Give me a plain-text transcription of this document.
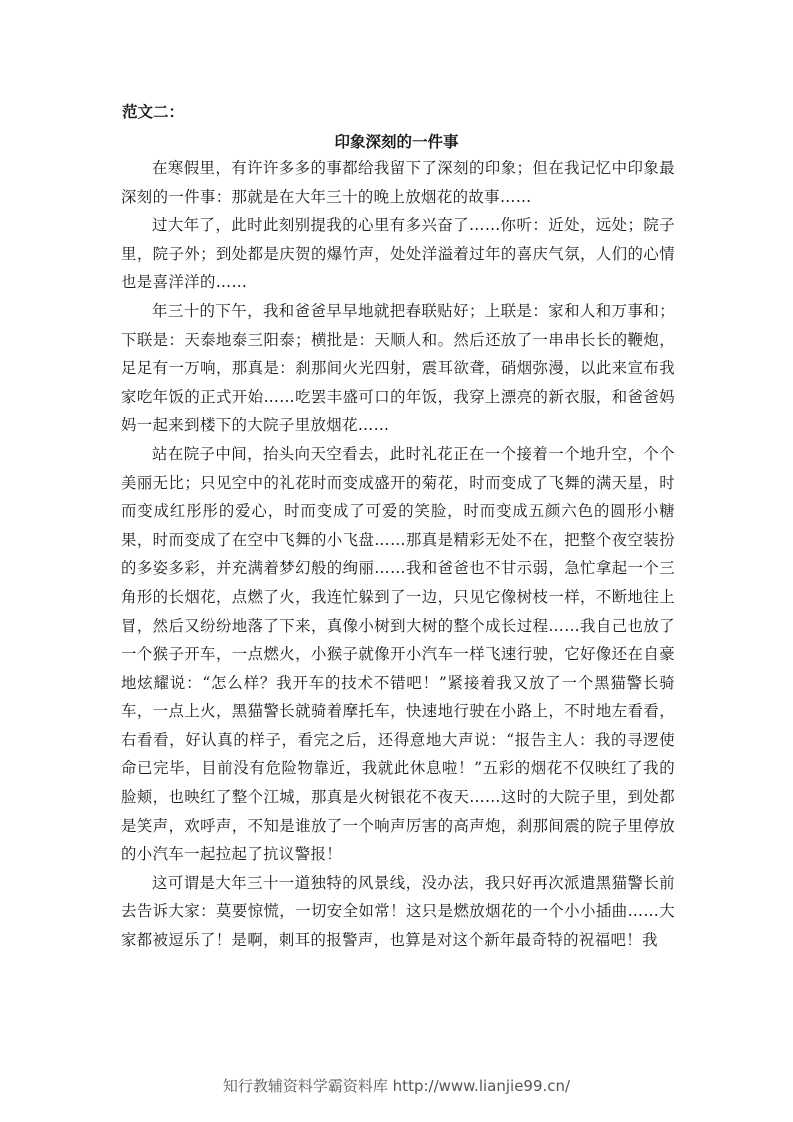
范文二：

印象深刻的一件事

在寒假里，有许许多多的事都给我留下了深刻的印象；但在我记忆中印象最深刻的一件事：那就是在大年三十的晚上放烟花的故事……

过大年了，此时此刻别提我的心里有多兴奋了……你听：近处，远处；院子里，院子外；到处都是庆贺的爆竹声，处处洋溢着过年的喜庆气氛，人们的心情也是喜洋洋的……

年三十的下午，我和爸爸早早地就把春联贴好；上联是：家和人和万事和；下联是：天泰地泰三阳泰；横批是：天顺人和。然后还放了一串串长长的鞭炮，足足有一万响，那真是：刹那间火光四射，震耳欲聋，硝烟弥漫，以此来宣布我家吃年饭的正式开始……吃罢丰盛可口的年饭，我穿上漂亮的新衣服，和爸爸妈妈一起来到楼下的大院子里放烟花……

站在院子中间，抬头向天空看去，此时礼花正在一个接着一个地升空，个个美丽无比；只见空中的礼花时而变成盛开的菊花，时而变成了飞舞的满天星，时而变成红彤彤的爱心，时而变成了可爱的笑脸，时而变成五颜六色的圆形小糖果，时而变成了在空中飞舞的小飞盘……那真是精彩无处不在，把整个夜空装扮的多姿多彩，并充满着梦幻般的绚丽……我和爸爸也不甘示弱，急忙拿起一个三角形的长烟花，点燃了火，我连忙躲到了一边，只见它像树枝一样，不断地往上冒，然后又纷纷地落了下来，真像小树到大树的整个成长过程……我自己也放了一个猴子开车，一点燃火，小猴子就像开小汽车一样飞速行驶，它好像还在自豪地炫耀说：“怎么样？我开车的技术不错吧！”紧接着我又放了一个黑猫警长骑车，一点上火，黑猫警长就骑着摩托车，快速地行驶在小路上，不时地左看看，右看看，好认真的样子，看完之后，还得意地大声说：“报告主人：我的寻逻使命已完毕，目前没有危险物靠近，我就此休息啦！”五彩的烟花不仅映红了我的脸颊，也映红了整个江城，那真是火树银花不夜天……这时的大院子里，到处都是笑声，欢呼声，不知是谁放了一个响声厉害的高声炮，刹那间震的院子里停放的小汽车一起拉起了抗议警报！

这可谓是大年三十一道独特的风景线，没办法，我只好再次派遣黑猫警长前去告诉大家：莫要惊慌，一切安全如常！这只是燃放烟花的一个小小插曲……大家都被逗乐了！是啊，刺耳的报警声，也算是对这个新年最奇特的祝福吧！我

知行教辅资料学霸资料库 http://www.lianjie99.cn/
